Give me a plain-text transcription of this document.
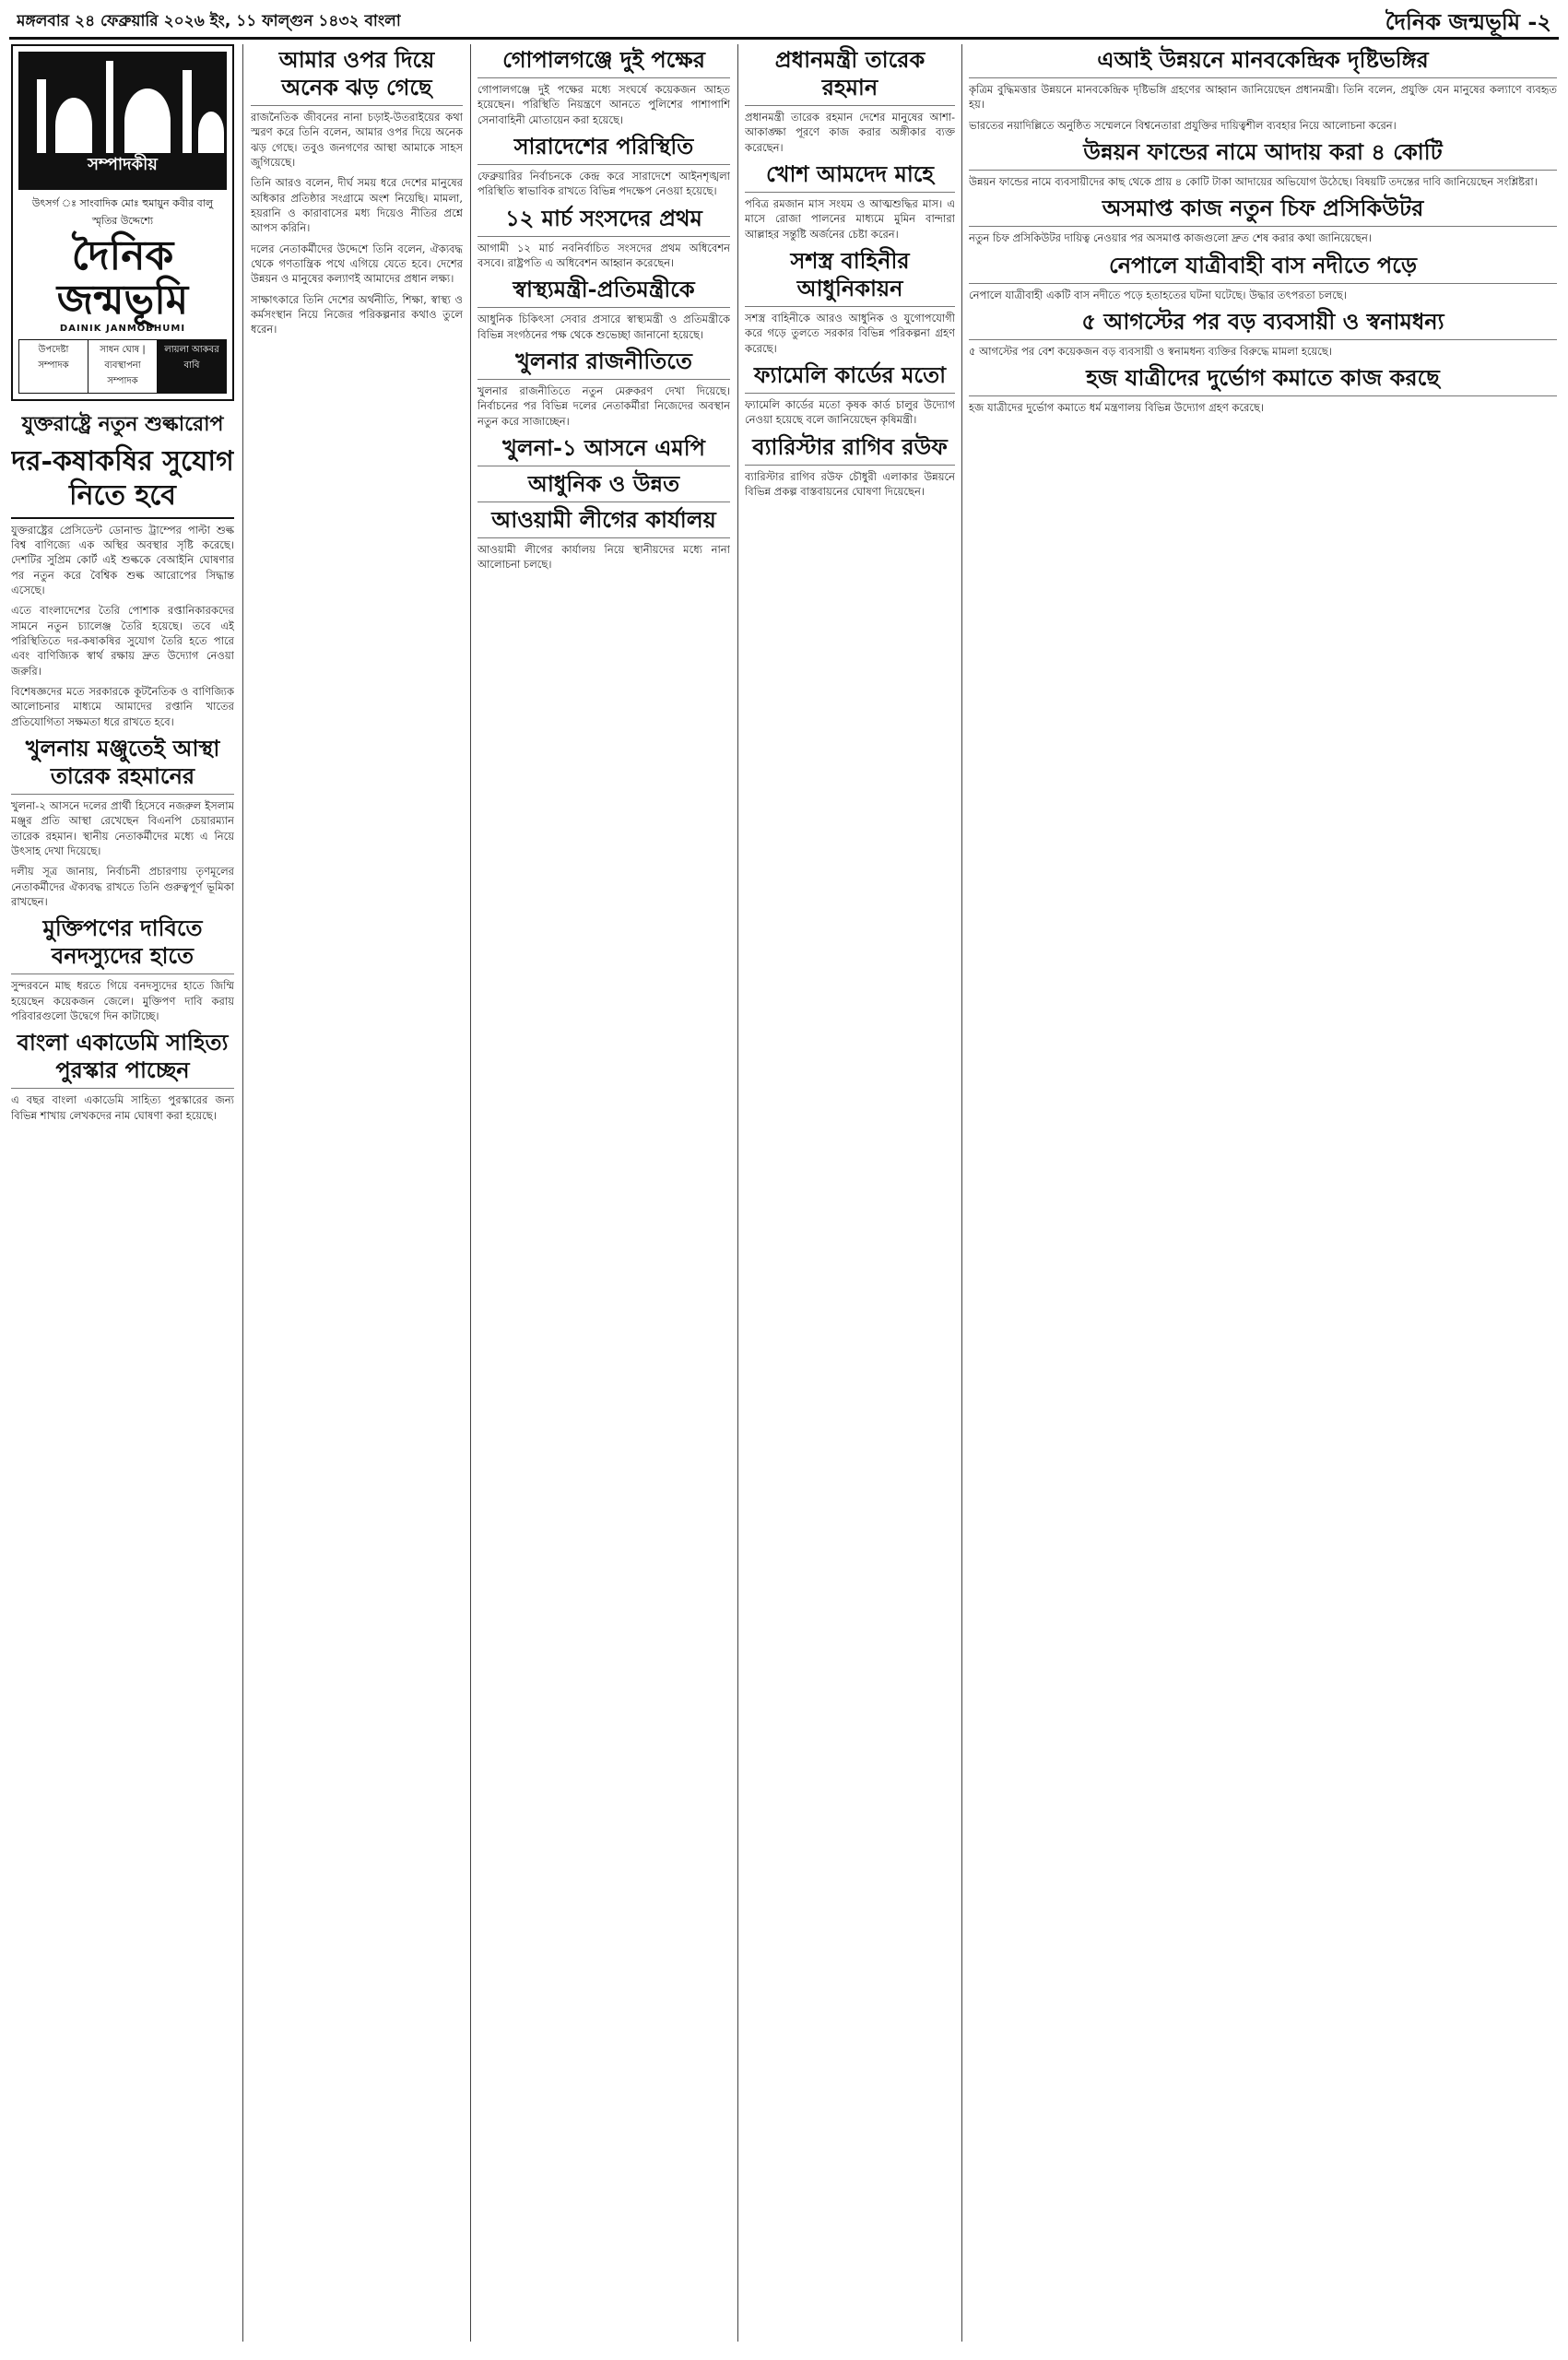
মঙ্গলবার ২৪ ফেব্রুয়ারি ২০২৬ ইং, ১১ ফাল্গুন ১৪৩২ বাংলা	দৈনিক জন্মভূমি -২
সম্পাদকীয়
উৎসর্গ ঃ সাংবাদিক মোঃ হুমায়ুন কবীর বালু স্মৃতির উদ্দেশ্যে
দৈনিক জন্মভূমি
DAINIK JANMOBHUMI
উপদেষ্টা সম্পাদক
সাধন ঘোষ | ব্যবস্থাপনা সম্পাদক
লায়লা আকবর বাবি
যুক্তরাষ্ট্রে নতুন শুল্কারোপ
দর-কষাকষির সুযোগ নিতে হবে

যুক্তরাষ্ট্রের প্রেসিডেন্ট ডোনাল্ড ট্রাম্পের পাল্টা শুল্ক বিশ্ব বাণিজ্যে এক অস্থির অবস্থার সৃষ্টি করেছে। দেশটির সুপ্রিম কোর্ট এই শুল্ককে বেআইনি ঘোষণার পর নতুন করে বৈশ্বিক শুল্ক আরোপের সিদ্ধান্ত এসেছে।

এতে বাংলাদেশের তৈরি পোশাক রপ্তানিকারকদের সামনে নতুন চ্যালেঞ্জ তৈরি হয়েছে। তবে এই পরিস্থিতিতে দর-কষাকষির সুযোগ তৈরি হতে পারে এবং বাণিজ্যিক স্বার্থ রক্ষায় দ্রুত উদ্যোগ নেওয়া জরুরি।

বিশেষজ্ঞদের মতে সরকারকে কূটনৈতিক ও বাণিজ্যিক আলোচনার মাধ্যমে আমাদের রপ্তানি খাতের প্রতিযোগিতা সক্ষমতা ধরে রাখতে হবে।

খুলনায় মঞ্জুতেই আস্থা তারেক রহমানের

খুলনা-২ আসনে দলের প্রার্থী হিসেবে নজরুল ইসলাম মঞ্জুর প্রতি আস্থা রেখেছেন বিএনপি চেয়ারম্যান তারেক রহমান। স্থানীয় নেতাকর্মীদের মধ্যে এ নিয়ে উৎসাহ দেখা দিয়েছে।

দলীয় সূত্র জানায়, নির্বাচনী প্রচারণায় তৃণমূলের নেতাকর্মীদের ঐক্যবদ্ধ রাখতে তিনি গুরুত্বপূর্ণ ভূমিকা রাখছেন।

মুক্তিপণের দাবিতে বনদস্যুদের হাতে

সুন্দরবনে মাছ ধরতে গিয়ে বনদস্যুদের হাতে জিম্মি হয়েছেন কয়েকজন জেলে। মুক্তিপণ দাবি করায় পরিবারগুলো উদ্বেগে দিন কাটাচ্ছে।

বাংলা একাডেমি সাহিত্য পুরস্কার পাচ্ছেন

এ বছর বাংলা একাডেমি সাহিত্য পুরস্কারের জন্য বিভিন্ন শাখায় লেখকদের নাম ঘোষণা করা হয়েছে।

আমার ওপর দিয়ে অনেক ঝড় গেছে

রাজনৈতিক জীবনের নানা চড়াই-উতরাইয়ের কথা স্মরণ করে তিনি বলেন, আমার ওপর দিয়ে অনেক ঝড় গেছে। তবুও জনগণের আস্থা আমাকে সাহস জুগিয়েছে।

তিনি আরও বলেন, দীর্ঘ সময় ধরে দেশের মানুষের অধিকার প্রতিষ্ঠার সংগ্রামে অংশ নিয়েছি। মামলা, হয়রানি ও কারাবাসের মধ্য দিয়েও নীতির প্রশ্নে আপস করিনি।

দলের নেতাকর্মীদের উদ্দেশে তিনি বলেন, ঐক্যবদ্ধ থেকে গণতান্ত্রিক পথে এগিয়ে যেতে হবে। দেশের উন্নয়ন ও মানুষের কল্যাণই আমাদের প্রধান লক্ষ্য।

সাক্ষাৎকারে তিনি দেশের অর্থনীতি, শিক্ষা, স্বাস্থ্য ও কর্মসংস্থান নিয়ে নিজের পরিকল্পনার কথাও তুলে ধরেন।

গোপালগঞ্জে দুই পক্ষের

গোপালগঞ্জে দুই পক্ষের মধ্যে সংঘর্ষে কয়েকজন আহত হয়েছেন। পরিস্থিতি নিয়ন্ত্রণে আনতে পুলিশের পাশাপাশি সেনাবাহিনী মোতায়েন করা হয়েছে।

সারাদেশের পরিস্থিতি

ফেব্রুয়ারির নির্বাচনকে কেন্দ্র করে সারাদেশে আইনশৃঙ্খলা পরিস্থিতি স্বাভাবিক রাখতে বিভিন্ন পদক্ষেপ নেওয়া হয়েছে।

১২ মার্চ সংসদের প্রথম

আগামী ১২ মার্চ নবনির্বাচিত সংসদের প্রথম অধিবেশন বসবে। রাষ্ট্রপতি এ অধিবেশন আহ্বান করেছেন।

স্বাস্থ্যমন্ত্রী-প্রতিমন্ত্রীকে

আধুনিক চিকিৎসা সেবার প্রসারে স্বাস্থ্যমন্ত্রী ও প্রতিমন্ত্রীকে বিভিন্ন সংগঠনের পক্ষ থেকে শুভেচ্ছা জানানো হয়েছে।

খুলনার রাজনীতিতে

খুলনার রাজনীতিতে নতুন মেরুকরণ দেখা দিয়েছে। নির্বাচনের পর বিভিন্ন দলের নেতাকর্মীরা নিজেদের অবস্থান নতুন করে সাজাচ্ছেন।

খুলনা-১ আসনে এমপি
আধুনিক ও উন্নত
আওয়ামী লীগের কার্যালয়

আওয়ামী লীগের কার্যালয় নিয়ে স্থানীয়দের মধ্যে নানা আলোচনা চলছে।

প্রধানমন্ত্রী তারেক রহমান

প্রধানমন্ত্রী তারেক রহমান দেশের মানুষের আশা-আকাঙ্ক্ষা পূরণে কাজ করার অঙ্গীকার ব্যক্ত করেছেন।

খোশ আমদেদ মাহে

পবিত্র রমজান মাস সংযম ও আত্মশুদ্ধির মাস। এ মাসে রোজা পালনের মাধ্যমে মুমিন বান্দারা আল্লাহর সন্তুষ্টি অর্জনের চেষ্টা করেন।

সশস্ত্র বাহিনীর আধুনিকায়ন

সশস্ত্র বাহিনীকে আরও আধুনিক ও যুগোপযোগী করে গড়ে তুলতে সরকার বিভিন্ন পরিকল্পনা গ্রহণ করেছে।

ফ্যামেলি কার্ডের মতো

ফ্যামেলি কার্ডের মতো কৃষক কার্ড চালুর উদ্যোগ নেওয়া হয়েছে বলে জানিয়েছেন কৃষিমন্ত্রী।

ব্যারিস্টার রাগিব রউফ

ব্যারিস্টার রাগিব রউফ চৌধুরী এলাকার উন্নয়নে বিভিন্ন প্রকল্প বাস্তবায়নের ঘোষণা দিয়েছেন।

এআই উন্নয়নে মানবকেন্দ্রিক দৃষ্টিভঙ্গির

কৃত্রিম বুদ্ধিমত্তার উন্নয়নে মানবকেন্দ্রিক দৃষ্টিভঙ্গি গ্রহণের আহ্বান জানিয়েছেন প্রধানমন্ত্রী। তিনি বলেন, প্রযুক্তি যেন মানুষের কল্যাণে ব্যবহৃত হয়।

ভারতের নয়াদিল্লিতে অনুষ্ঠিত সম্মেলনে বিশ্বনেতারা প্রযুক্তির দায়িত্বশীল ব্যবহার নিয়ে আলোচনা করেন।

উন্নয়ন ফান্ডের নামে আদায় করা ৪ কোটি

উন্নয়ন ফান্ডের নামে ব্যবসায়ীদের কাছ থেকে প্রায় ৪ কোটি টাকা আদায়ের অভিযোগ উঠেছে। বিষয়টি তদন্তের দাবি জানিয়েছেন সংশ্লিষ্টরা।

অসমাপ্ত কাজ নতুন চিফ প্রসিকিউটর

নতুন চিফ প্রসিকিউটর দায়িত্ব নেওয়ার পর অসমাপ্ত কাজগুলো দ্রুত শেষ করার কথা জানিয়েছেন।

নেপালে যাত্রীবাহী বাস নদীতে পড়ে

নেপালে যাত্রীবাহী একটি বাস নদীতে পড়ে হতাহতের ঘটনা ঘটেছে। উদ্ধার তৎপরতা চলছে।

৫ আগস্টের পর বড় ব্যবসায়ী ও স্বনামধন্য

৫ আগস্টের পর বেশ কয়েকজন বড় ব্যবসায়ী ও স্বনামধন্য ব্যক্তির বিরুদ্ধে মামলা হয়েছে।

হজ যাত্রীদের দুর্ভোগ কমাতে কাজ করছে

হজ যাত্রীদের দুর্ভোগ কমাতে ধর্ম মন্ত্রণালয় বিভিন্ন উদ্যোগ গ্রহণ করেছে।
